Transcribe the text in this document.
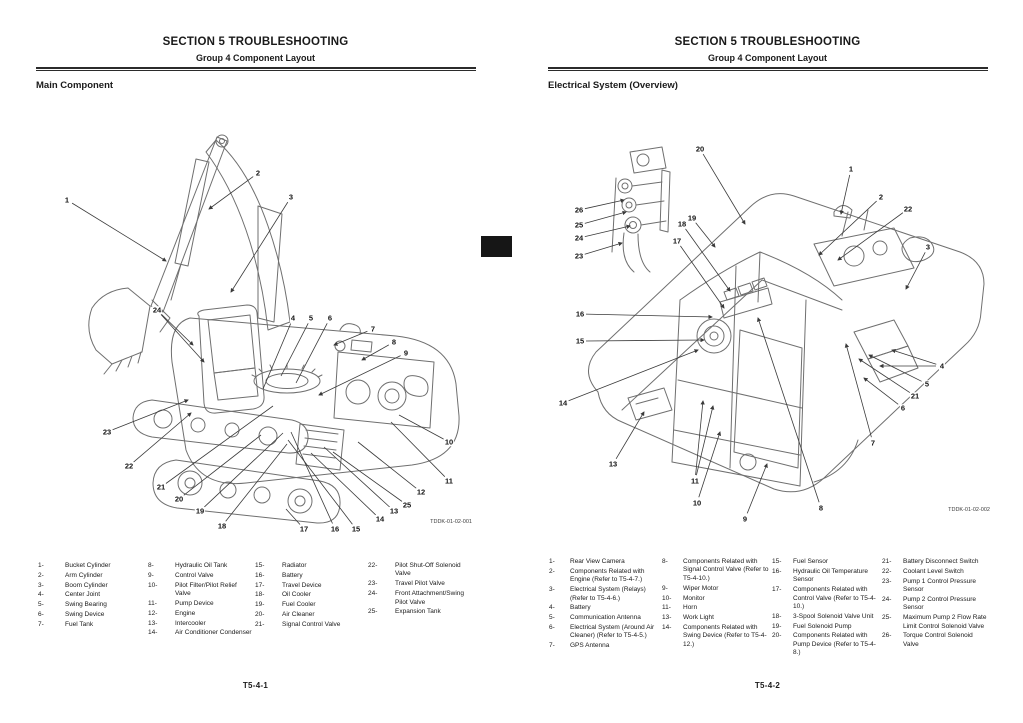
SECTION 5 TROUBLESHOOTING
Group 4 Component Layout
Main Component
1
2
3
24
4 5 6
7
8
9
10
11
12
25
13
14
15
16
17
18
19
20
21
22
23
TDDK-01-02-001
1-	Bucket Cylinder
2-	Arm Cylinder
3-	Boom Cylinder
4-	Center Joint
5-	Swing Bearing
6-	Swing Device
7-	Fuel Tank
8-	Hydraulic Oil Tank
9-	Control Valve
10-	Pilot Filter/Pilot Relief Valve
11-	Pump Device
12-	Engine
13-	Intercooler
14-	Air Conditioner Condenser
15-	Radiator
16-	Battery
17-	Travel Device
18-	Oil Cooler
19-	Fuel Cooler
20-	Air Cleaner
21-	Signal Control Valve
22-	Pilot Shut-Off Solenoid Valve
23-	Travel Pilot Valve
24-	Front Attachment/Swing Pilot Valve
25-	Expansion Tank
T5-4-1
SECTION 5 TROUBLESHOOTING
Group 4 Component Layout
Electrical System (Overview)
20
26
25
24
23
19
18
17
16
15
14
13
11
10
9
8
4
5
21
6
7
1
2
22
3
TDDK-01-02-002
1-	Rear View Camera
2-	Components Related with Engine (Refer to T5-4-7.)
3-	Electrical System (Relays) (Refer to T5-4-6.)
4-	Battery
5-	Communication Antenna
6-	Electrical System (Around Air Cleaner) (Refer to T5-4-5.)
7-	GPS Antenna
8-	Components Related with Signal Control Valve (Refer to T5-4-10.)
9-	Wiper Motor
10-	Monitor
11-	Horn
13-	Work Light
14-	Components Related with Swing Device (Refer to T5-4-12.)
15-	Fuel Sensor
16-	Hydraulic Oil Temperature Sensor
17-	Components Related with Control Valve (Refer to T5-4-10.)
18-	3-Spool Solenoid Valve Unit
19-	Fuel Solenoid Pump
20-	Components Related with Pump Device (Refer to T5-4-8.)
21-	Battery Disconnect Switch
22-	Coolant Level Switch
23-	Pump 1 Control Pressure Sensor
24-	Pump 2 Control Pressure Sensor
25-	Maximum Pump 2 Flow Rate Limit Control Solenoid Valve
26-	Torque Control Solenoid Valve
T5-4-2
